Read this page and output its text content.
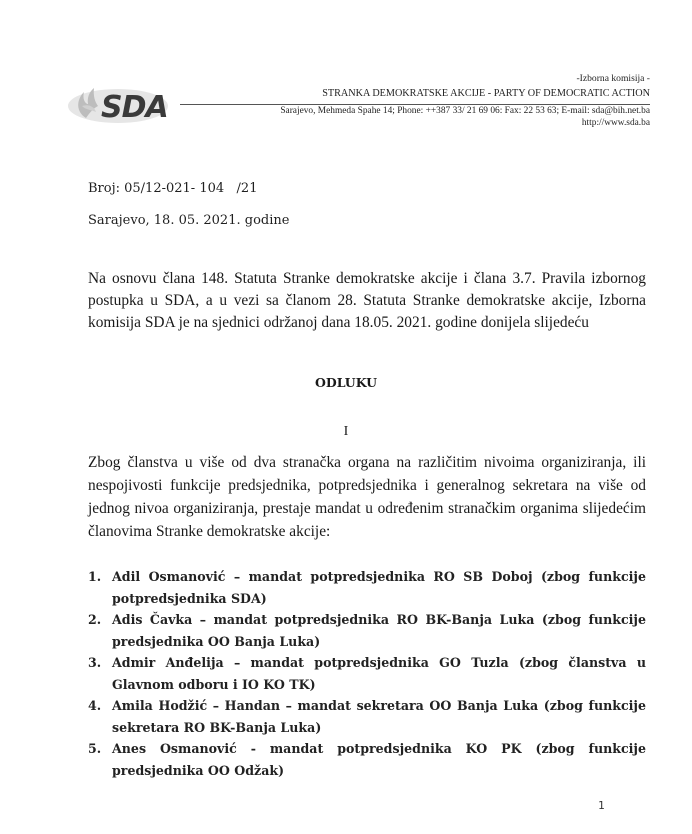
SDA
-Izborna komisija -
STRANKA DEMOKRATSKE AKCIJE - PARTY OF DEMOCRATIC ACTION
Sarajevo, Mehmeda Spahe 14; Phone: ++387 33/ 21 69 06: Fax: 22 53 63; E-mail: sda@bih.net.ba
http://www.sda.ba
Broj: 05/12-021- 104   /21
Sarajevo, 18. 05. 2021. godine
Na osnovu člana 148. Statuta Stranke demokratske akcije i člana 3.7. Pravila izbornog postupka u SDA, a u vezi sa članom 28. Statuta Stranke demokratske akcije, Izborna komisija SDA je na sjednici održanoj dana 18.05. 2021. godine donijela slijedeću
ODLUKU
I
Zbog članstva u više od dva stranačka organa na različitim nivoima organiziranja, ili nespojivosti funkcije predsjednika, potpredsjednika i generalnog sekretara na više od jednog nivoa organiziranja, prestaje mandat u određenim stranačkim organima slijedećim članovima Stranke demokratske akcije:
1. Adil Osmanović – mandat potpredsjednika RO SB Doboj (zbog funkcije potpredsjednika SDA)
2. Adis Čavka – mandat potpredsjednika RO BK-Banja Luka (zbog funkcije predsjednika OO Banja Luka)
3. Admir Anđelija – mandat potpredsjednika GO Tuzla (zbog članstva u Glavnom odboru i IO KO TK)
4. Amila Hodžić – Handan – mandat sekretara OO Banja Luka (zbog funkcije sekretara RO BK-Banja Luka)
5. Anes Osmanović - mandat potpredsjednika KO PK (zbog funkcije predsjednika OO Odžak)
1
